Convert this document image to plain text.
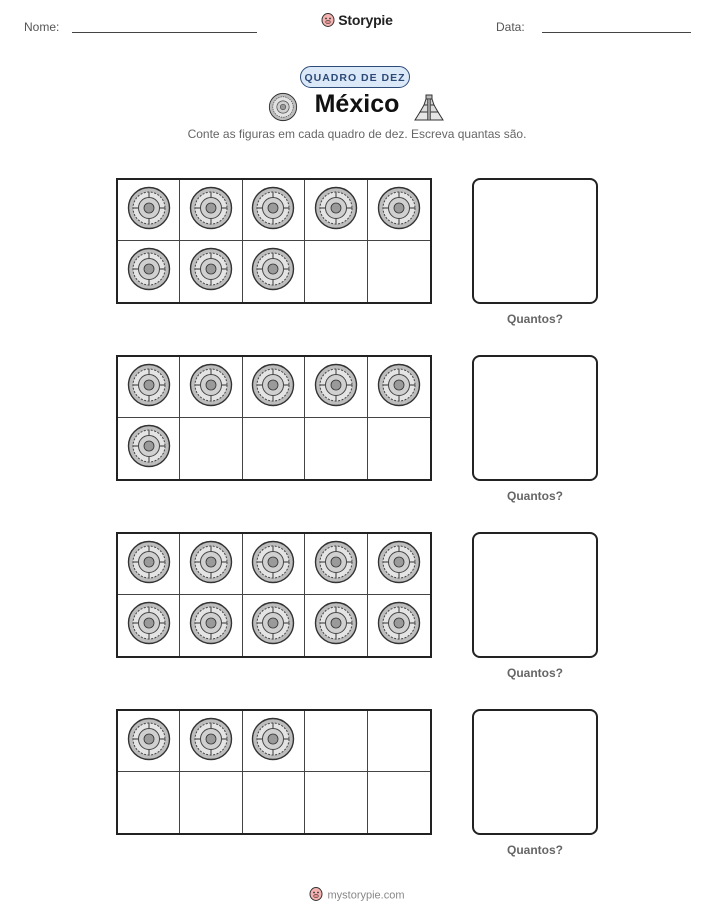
Nome:	Storypie	Data:
QUADRO DE DEZ
México
Conte as figuras em cada quadro de dez. Escreva quantas são.
Quantos?
Quantos?
Quantos?
Quantos?
mystorypie.com
